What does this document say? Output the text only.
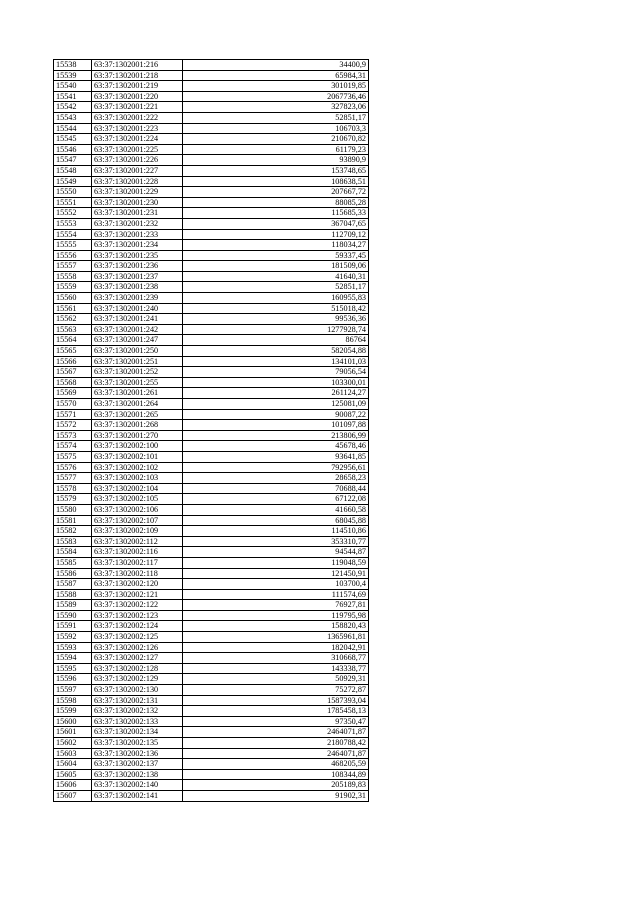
15538	63:37:1302001:216	34400,9
15539	63:37:1302001:218	65984,31
15540	63:37:1302001:219	301019,85
15541	63:37:1302001:220	2067736,46
15542	63:37:1302001:221	327823,06
15543	63:37:1302001:222	52851,17
15544	63:37:1302001:223	106703,3
15545	63:37:1302001:224	210670,82
15546	63:37:1302001:225	61179,23
15547	63:37:1302001:226	93890,9
15548	63:37:1302001:227	153748,65
15549	63:37:1302001:228	108638,51
15550	63:37:1302001:229	207667,72
15551	63:37:1302001:230	88085,28
15552	63:37:1302001:231	115685,33
15553	63:37:1302001:232	367047,65
15554	63:37:1302001:233	112709,12
15555	63:37:1302001:234	118034,27
15556	63:37:1302001:235	59337,45
15557	63:37:1302001:236	181509,06
15558	63:37:1302001:237	41640,31
15559	63:37:1302001:238	52851,17
15560	63:37:1302001:239	160955,83
15561	63:37:1302001:240	515018,42
15562	63:37:1302001:241	99536,36
15563	63:37:1302001:242	1277928,74
15564	63:37:1302001:247	86764
15565	63:37:1302001:250	582054,88
15566	63:37:1302001:251	134101,03
15567	63:37:1302001:252	79056,54
15568	63:37:1302001:255	103300,01
15569	63:37:1302001:261	261124,27
15570	63:37:1302001:264	125081,09
15571	63:37:1302001:265	90087,22
15572	63:37:1302001:268	101097,88
15573	63:37:1302001:270	213806,99
15574	63:37:1302002:100	45678,46
15575	63:37:1302002:101	93641,85
15576	63:37:1302002:102	792956,61
15577	63:37:1302002:103	28658,23
15578	63:37:1302002:104	70688,44
15579	63:37:1302002:105	67122,08
15580	63:37:1302002:106	41660,58
15581	63:37:1302002:107	68045,88
15582	63:37:1302002:109	114510,86
15583	63:37:1302002:112	353310,77
15584	63:37:1302002:116	94544,87
15585	63:37:1302002:117	119048,59
15586	63:37:1302002:118	121450,91
15587	63:37:1302002:120	103700,4
15588	63:37:1302002:121	111574,69
15589	63:37:1302002:122	76927,81
15590	63:37:1302002:123	119795,98
15591	63:37:1302002:124	158820,43
15592	63:37:1302002:125	1365961,81
15593	63:37:1302002:126	182042,91
15594	63:37:1302002:127	310668,77
15595	63:37:1302002:128	143338,77
15596	63:37:1302002:129	50929,31
15597	63:37:1302002:130	75272,87
15598	63:37:1302002:131	1587393,04
15599	63:37:1302002:132	1785458,13
15600	63:37:1302002:133	97350,47
15601	63:37:1302002:134	2464071,87
15602	63:37:1302002:135	2180788,42
15603	63:37:1302002:136	2464071,87
15604	63:37:1302002:137	468205,59
15605	63:37:1302002:138	108344,89
15606	63:37:1302002:140	205189,83
15607	63:37:1302002:141	91902,31
